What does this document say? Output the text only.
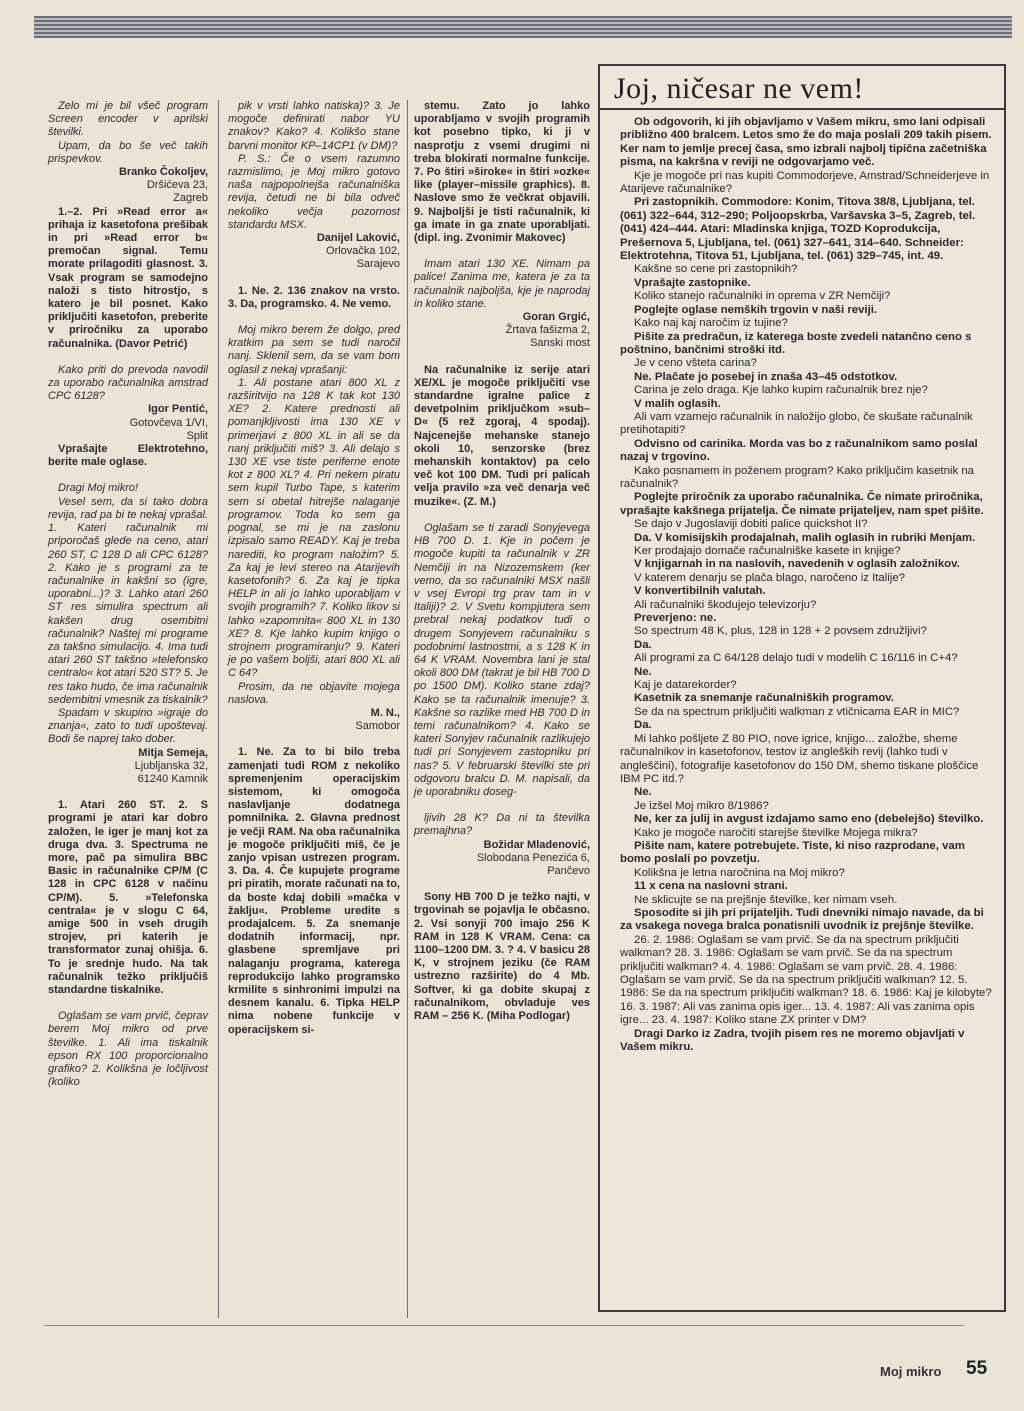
Zelo mi je bil všeč program Screen encoder v aprilski številki.

Upam, da bo še več takih prispevkov.

Branko Čokoljev,

Dršićeva 23,

Zagreb

1.–2. Pri »Read error a« prihaja iz kasetofona prešibak in pri »Read error b« premočan signal. Temu morate prilagoditi glasnost. 3. Vsak program se samodejno naloži s tisto hitrostjo, s katero je bil posnet. Kako priključiti kasetofon, preberite v priročniku za uporabo računalnika. (Davor Petrić)

Kako priti do prevoda navodil za uporabo računalnika amstrad CPC 6128?

Igor Pentić,

Gotovčeva 1/VI,

Split

Vprašajte Elektrotehno, berite male oglase.

Dragi Moj mikro!

Vesel sem, da si tako dobra revija, rad pa bi te nekaj vprašal. 1. Kateri računalnik mi priporočaš glede na ceno, atari 260 ST, C 128 D ali CPC 6128? 2. Kako je s programi za te računalnike in kakšni so (igre, uporabni...)? 3. Lahko atari 260 ST res simulira spectrum ali kakšen drug osembitni računalnik? Naštej mi programe za takšno simulacijo. 4. Ima tudi atari 260 ST takšno »telefonsko centralo« kot atari 520 ST? 5. Je res tako hudo, če ima računalnik sedembitni vmesnik za tiskalnik?

Spadam v skupino »igraje do znanja«, zato to tudi upoštevaj. Bodi še naprej tako dober.

Mitja Semeja,

Ljubljanska 32,

61240 Kamnik

1. Atari 260 ST. 2. S programi je atari kar dobro založen, le iger je manj kot za druga dva. 3. Spectruma ne more, pač pa simulira BBC Basic in računalnike CP/M (C 128 in CPC 6128 v načinu CP/M). 5. »Telefonska centrala« je v slogu C 64, amige 500 in vseh drugih strojev, pri katerih je transformator zunaj ohišja. 6. To je srednje hudo. Na tak računalnik težko priključiš standardne tiskalnike.

Oglašam se vam prvič, čeprav berem Moj mikro od prve številke. 1. Ali ima tiskalnik epson RX 100 proporcionalno grafiko? 2. Kolikšna je ločljivost (koliko

pik v vrsti lahko natiska)? 3. Je mogoče definirati nabor YU znakov? Kako? 4. Kolikšo stane barvni monitor KP–14CP1 (v DM)?

P. S.: Če o vsem razumno razmislimo, je Moj mikro gotovo naša najpopolnejša računalniška revija, četudi ne bi bila odveč nekoliko večja pozornost standardu MSX.

Danijel Laković,

Orlovačka 102,

Sarajevo

1. Ne. 2. 136 znakov na vrsto. 3. Da, programsko. 4. Ne vemo.

Moj mikro berem že dolgo, pred kratkim pa sem se tudi naročil nanj. Sklenil sem, da se vam bom oglasil z nekaj vprašanji:

1. Ali postane atari 800 XL z razširitvijo na 128 K tak kot 130 XE? 2. Katere prednosti ali pomanjkljivosti ima 130 XE v primerjavi z 800 XL in ali se da nanj priključiti miš? 3. Ali delajo s 130 XE vse tiste periferne enote kot z 800 XL? 4. Pri nekem piratu sem kupil Turbo Tape, s katerim sem si obetal hitrejše nalaganje programov. Toda ko sem ga pognal, se mi je na zaslonu izpisalo samo READY. Kaj je treba narediti, ko program naložim? 5. Za kaj je levi stereo na Atarijevih kasetofonih? 6. Za kaj je tipka HELP in ali jo lahko uporabljam v svojih programih? 7. Koliko likov si lahko »zapomnita« 800 XL in 130 XE? 8. Kje lahko kupim knjigo o strojnem programiranju? 9. Kateri je po vašem boljši, atari 800 XL ali C 64?

Prosim, da ne objavite mojega naslova.

M. N.,

Samobor

1. Ne. Za to bi bilo treba zamenjati tudi ROM z nekoliko spremenjenim operacijskim sistemom, ki omogoča naslavljanje dodatnega pomnilnika. 2. Glavna prednost je večji RAM. Na oba računalnika je mogoče priključiti miš, če je zanjo vpisan ustrezen program. 3. Da. 4. Če kupujete programe pri piratih, morate računati na to, da boste kdaj dobili »mačka v žaklju«. Probleme uredite s prodajalcem. 5. Za snemanje dodatnih informacij, npr. glasbene spremljave pri nalaganju programa, katerega reprodukcijo lahko programsko krmilite s sinhronimi impulzi na desnem kanalu. 6. Tipka HELP nima nobene funkcije v operacijskem si-

stemu. Zato jo lahko uporabljamo v svojih programih kot posebno tipko, ki ji v nasprotju z vsemi drugimi ni treba blokirati normalne funkcije. 7. Po štiri »široke« in štiri »ozke« like (player–missile graphics). 8. Naslove smo že večkrat objavili. 9. Najboljši je tisti računalnik, ki ga imate in ga znate uporabljati. (dipl. ing. Zvonimir Makovec)

Imam atari 130 XE. Nimam pa palice! Zanima me, katera je za ta računalnik najboljša, kje je naprodaj in koliko stane.

Goran Grgić,

Žrtava fašizma 2,

Sanski most

Na računalnike iz serije atari XE/XL je mogoče priključiti vse standardne igralne palice z devetpolnim priključkom »sub–D« (5 rež zgoraj, 4 spodaj). Najcenejše mehanske stanejo okoli 10, senzorske (brez mehanskih kontaktov) pa celo več kot 100 DM. Tudi pri palicah velja pravilo »za več denarja več muzike«. (Z. M.)

Oglašam se ti zaradi Sonyjevega HB 700 D. 1. Kje in počem je mogoče kupiti ta računalnik v ZR Nemčiji in na Nizozemskem (ker vemo, da so računalniki MSX našli v vsej Evropi trg prav tam in v Italiji)? 2. V Svetu kompjutera sem prebral nekaj podatkov tudi o drugem Sonyjevem računalniku s podobnimi lastnostmi, a s 128 K in 64 K VRAM. Novembra lani je stal okoli 800 DM (takrat je bil HB 700 D po 1500 DM). Koliko stane zdaj? Kako se ta računalnik imenuje? 3. Kakšne so razlike med HB 700 D in temi računalnikom? 4. Kako se kateri Sonyjev računalnik razlikujejo tudi pri Sonyjevem zastopniku pri nas? 5. V februarski številki ste pri odgovoru bralcu D. M. napisali, da je uporabniku doseg-

ljivih 28 K? Da ni ta številka premajhna?

Božidar Mladenović,

Slobodana Penezića 6,

Pančevo

Sony HB 700 D je težko najti, v trgovinah se pojavlja le občasno. 2. Vsi sonyji 700 imajo 256 K RAM in 128 K VRAM. Cena: ca 1100–1200 DM. 3. ? 4. V basicu 28 K, v strojnem jeziku (če RAM ustrezno razširite) do 4 Mb. Softver, ki ga dobite skupaj z računalnikom, obvladuje ves RAM – 256 K. (Miha Podlogar)

Joj, ničesar ne vem!

Ob odgovorih, ki jih objavljamo v Vašem mikru, smo lani odpisali približno 400 bralcem. Letos smo že do maja poslali 209 takih pisem. Ker nam to jemlje precej časa, smo izbrali najbolj tipična začetniška pisma, na kakršna v reviji ne odgovarjamo več.

Kje je mogoče pri nas kupiti Commodorjeve, Amstrad/Schneiderjeve in Atarijeve računalnike?

Pri zastopnikih. Commodore: Konim, Titova 38/8, Ljubljana, tel. (061) 322–644, 312–290; Poljoopskrba, Varšavska 3–5, Zagreb, tel. (041) 424–444. Atari: Mladinska knjiga, TOZD Koprodukcija, Prešernova 5, Ljubljana, tel. (061) 327–641, 314–640. Schneider: Elektrotehna, Titova 51, Ljubljana, tel. (061) 329–745, int. 49.

Kakšne so cene pri zastopnikih?

Vprašajte zastopnike.

Koliko stanejo računalniki in oprema v ZR Nemčiji?

Poglejte oglase nemških trgovin v naši reviji.

Kako naj kaj naročim iz tujine?

Pišite za predračun, iz katerega boste zvedeli natančno ceno s poštnino, bančnimi stroški itd.

Je v ceno všteta carina?

Ne. Plačate jo posebej in znaša 43–45 odstotkov.

Carina je zelo draga. Kje lahko kupim računalnik brez nje?

V malih oglasih.

Ali vam vzamejo računalnik in naložijo globo, če skušate računalnik pretihotapiti?

Odvisno od carinika. Morda vas bo z računalnikom samo poslal nazaj v trgovino.

Kako posnamem in poženem program? Kako priključim kasetnik na računalnik?

Poglejte priročnik za uporabo računalnika. Če nimate priročnika, vprašajte kakšnega prijatelja. Če nimate prijateljev, nam spet pišite.

Se dajo v Jugoslaviji dobiti palice quickshot II?

Da. V komisijskih prodajalnah, malih oglasih in rubriki Menjam.

Ker prodajajo domače računalniške kasete in knjige?

V knjigarnah in na naslovih, navedenih v oglasih založnikov.

V katerem denarju se plača blago, naročeno iz Italije?

V konvertibilnih valutah.

Ali računalniki škodujejo televizorju?

Preverjeno: ne.

So spectrum 48 K, plus, 128 in 128 + 2 povsem združljivi?

Da.

Ali programi za C 64/128 delajo tudi v modelih C 16/116 in C+4?

Ne.

Kaj je datarekorder?

Kasetnik za snemanje računalniških programov.

Se da na spectrum priključiti walkman z vtičnicama EAR in MIC?

Da.

Mi lahko pošljete Z 80 PIO, nove igrice, knjigo... založbe, sheme računalnikov in kasetofonov, testov iz angleških revij (lahko tudi v angleščini), fotografije kasetofonov do 150 DM, shemo tiskane ploščice IBM PC itd.?

Ne.

Je izšel Moj mikro 8/1986?

Ne, ker za julij in avgust izdajamo samo eno (debelejšo) številko.

Kako je mogoče naročiti starejše številke Mojega mikra?

Pišite nam, katere potrebujete. Tiste, ki niso razprodane, vam bomo poslali po povzetju.

Kolikšna je letna naročnina na Moj mikro?

11 x cena na naslovni strani.

Ne sklicujte se na prejšnje številke, ker nimam vseh.

Sposodite si jih pri prijateljih. Tudi dnevniki nimajo navade, da bi za vsakega novega bralca ponatisnili uvodnik iz prejšnje številke.

26. 2. 1986: Oglašam se vam prvič. Se da na spectrum priključiti walkman? 28. 3. 1986: Oglašam se vam prvič. Se da na spectrum priključiti walkman? 4. 4. 1986: Oglašam se vam prvič. 28. 4. 1986: Oglašam se vam prvič. Se da na spectrum priključiti walkman? 12. 5. 1986: Se da na spectrum priključiti walkman? 18. 6. 1986: Kaj je kilobyte? 16. 3. 1987: Ali vas zanima opis iger... 13. 4. 1987: Ali vas zanima opis igre... 23. 4. 1987: Koliko stane ZX printer v DM?

Dragi Darko iz Zadra, tvojih pisem res ne moremo objavljati v Vašem mikru.

Moj mikro 55
